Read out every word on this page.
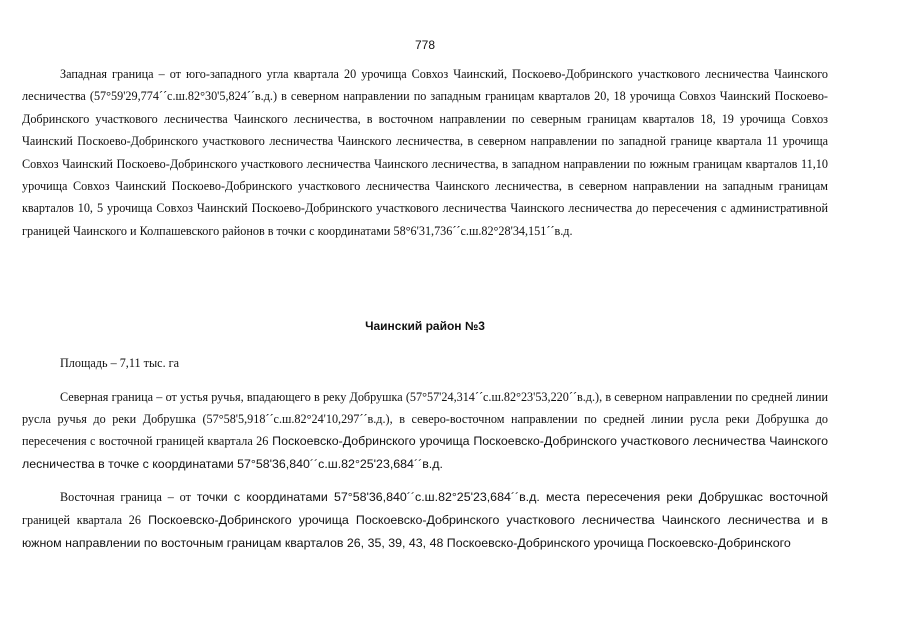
778

Западная граница – от юго-западного угла квартала 20 урочища Совхоз Чаинский, Поскоево-Добринского участкового лесничества Чаинского лесничества (57°59'29,774´´с.ш.82°30'5,824´´в.д.) в северном направлении по западным границам кварталов 20, 18 урочища Совхоз Чаинский Поскоево-Добринского участкового лесничества Чаинского лесничества, в восточном направлении по северным границам кварталов 18, 19 урочища Совхоз Чаинский Поскоево-Добринского участкового лесничества Чаинского лесничества, в северном направлении по западной границе квартала 11 урочища Совхоз Чаинский Поскоево-Добринского участкового лесничества Чаинского лесничества, в западном направлении по южным границам кварталов 11,10 урочища Совхоз Чаинский Поскоево-Добринского участкового лесничества Чаинского лесничества, в северном направлении на западным границам кварталов 10, 5 урочища Совхоз Чаинский Поскоево-Добринского участкового лесничества Чаинского лесничества до пересечения с административной границей Чаинского и Колпашевского районов в точки с координатами 58°6'31,736´´с.ш.82°28'34,151´´в.д.

Чаинский район №3

Площадь – 7,11 тыс. га

Северная граница – от устья ручья, впадающего в реку Добрушка (57°57'24,314´´с.ш.82°23'53,220´´в.д.), в северном направлении по средней линии русла ручья до реки Добрушка (57°58'5,918´´с.ш.82°24'10,297´´в.д.), в северо-восточном направлении по средней линии русла реки Добрушка до пересечения с восточной границей квартала 26 Поскоевско-Добринского урочища Поскоевско-Добринского участкового лесничества Чаинского лесничества в точке с координатами 57°58'36,840´´с.ш.82°25'23,684´´в.д.

Восточная граница – от точки с координатами 57°58'36,840´´с.ш.82°25'23,684´´в.д. места пересечения реки Добрушкас восточной границей квартала 26 Поскоевско-Добринского урочища Поскоевско-Добринского участкового лесничества Чаинского лесничества и в южном направлении по восточным границам кварталов 26, 35, 39, 43, 48 Поскоевско-Добринского урочища Поскоевско-Добринского
